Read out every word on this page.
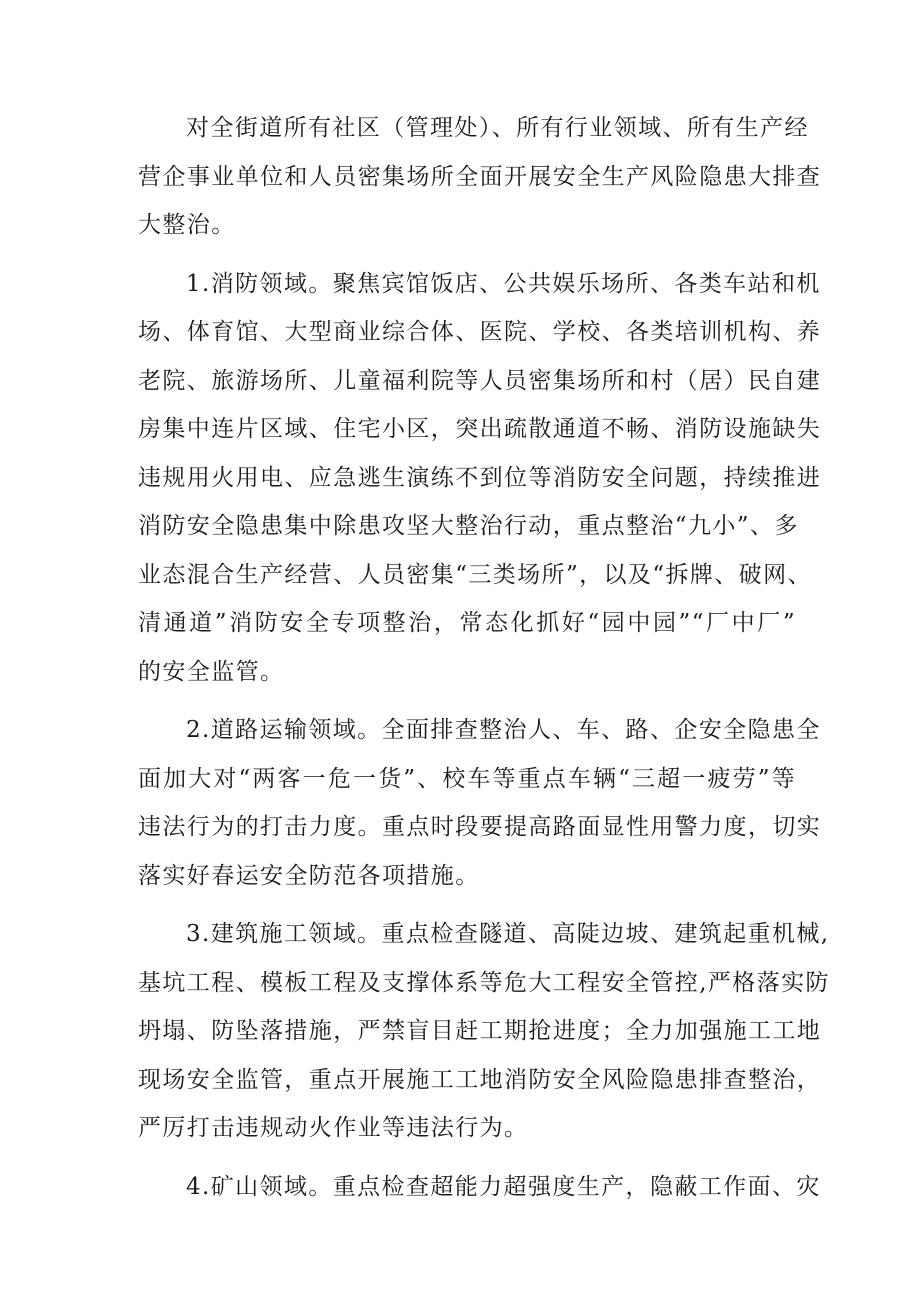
对全街道所有社区（管理处）、所有行业领域、所有生产经
营企事业单位和人员密集场所全面开展安全生产风险隐患大排查
大整治。
1.消防领域。聚焦宾馆饭店、公共娱乐场所、各类车站和机
场、体育馆、大型商业综合体、医院、学校、各类培训机构、养
老院、旅游场所、儿童福利院等人员密集场所和村（居）民自建
房集中连片区域、住宅小区，突出疏散通道不畅、消防设施缺失
违规用火用电、应急逃生演练不到位等消防安全问题，持续推进
消防安全隐患集中除患攻坚大整治行动，重点整治“九小”、多
业态混合生产经营、人员密集“三类场所”，以及“拆牌、破网、
清通道”消防安全专项整治，常态化抓好“园中园”“厂中厂”
的安全监管。
2.道路运输领域。全面排查整治人、车、路、企安全隐患全
面加大对“两客一危一货”、校车等重点车辆“三超一疲劳”等
违法行为的打击力度。重点时段要提高路面显性用警力度，切实
落实好春运安全防范各项措施。
3.建筑施工领域。重点检查隧道、高陡边坡、建筑起重机械,
基坑工程、模板工程及支撑体系等危大工程安全管控,严格落实防
坍塌、防坠落措施，严禁盲目赶工期抢进度；全力加强施工工地
现场安全监管，重点开展施工工地消防安全风险隐患排查整治，
严厉打击违规动火作业等违法行为。
4.矿山领域。重点检查超能力超强度生产，隐蔽工作面、灾
